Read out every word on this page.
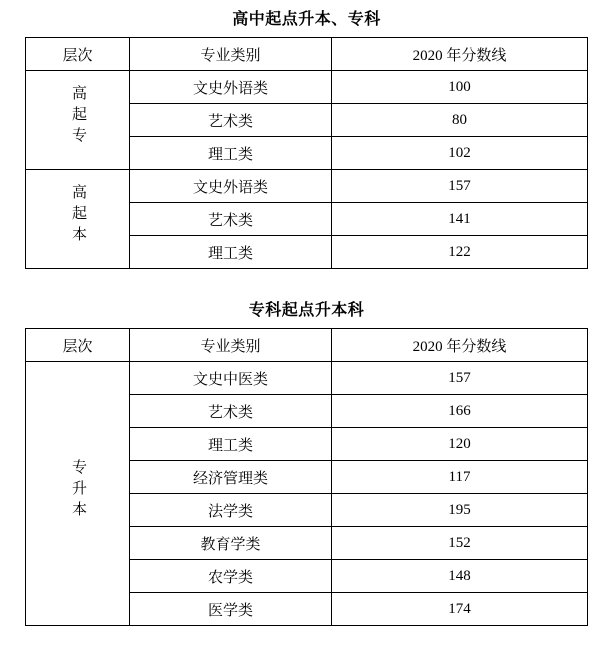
高中起点升本、专科
层次	专业类别	2020 年分数线
高起专	文史外语类	100
	艺术类	80
	理工类	102
高起本	文史外语类	157
	艺术类	141
	理工类	122
专科起点升本科
层次	专业类别	2020 年分数线
专升本	文史中医类	157
	艺术类	166
	理工类	120
	经济管理类	117
	法学类	195
	教育学类	152
	农学类	148
	医学类	174
